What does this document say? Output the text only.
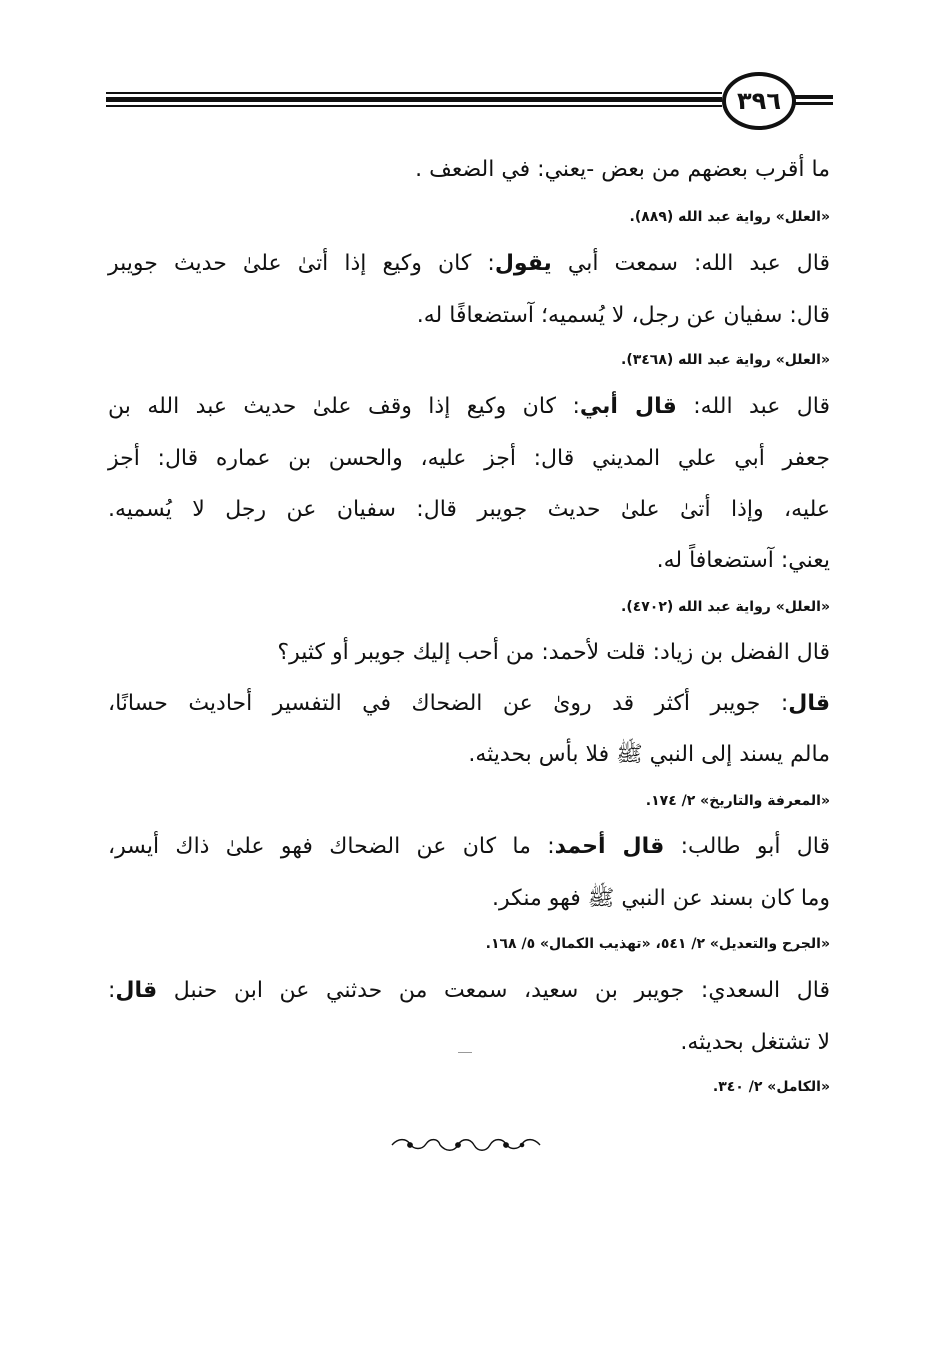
٣٩٦
ما أقرب بعضهم من بعض -يعني: في الضعف .
«العلل» رواية عبد الله (٨٨٩).
قال عبد الله: سمعت أبي يقول: كان وكيع إذا أتىٰ علىٰ حديث جويبر
قال: سفيان عن رجل، لا يُسميه؛ آستضعافًا له.
«العلل» رواية عبد الله (٣٤٦٨).
قال عبد الله: قال أبي: كان وكيع إذا وقف علىٰ حديث عبد الله بن
جعفر أبي علي المديني قال: أجز عليه، والحسن بن عماره قال: أجز
عليه، وإذا أتىٰ علىٰ حديث جويبر قال: سفيان عن رجل لا يُسميه.
يعني: آستضعافاً له.
«العلل» رواية عبد الله (٤٧٠٢).
قال الفضل بن زياد: قلت لأحمد: من أحب إليك جويبر أو كثير؟
قال: جويبر أكثر قد روىٰ عن الضحاك في التفسير أحاديث حسانًا،
مالم يسند إلى النبي ﷺ فلا بأس بحديثه.
«المعرفة والتاريخ» ٢/ ١٧٤.
قال أبو طالب: قال أحمد: ما كان عن الضحاك فهو علىٰ ذاك أيسر،
وما كان بسند عن النبي ﷺ فهو منكر.
«الجرح والتعديل» ٢/ ٥٤١، «تهذيب الكمال» ٥/ ١٦٨.
قال السعدي: جويبر بن سعيد، سمعت من حدثني عن ابن حنبل قال:
لا تشتغل بحديثه.
«الكامل» ٢/ ٣٤٠.
